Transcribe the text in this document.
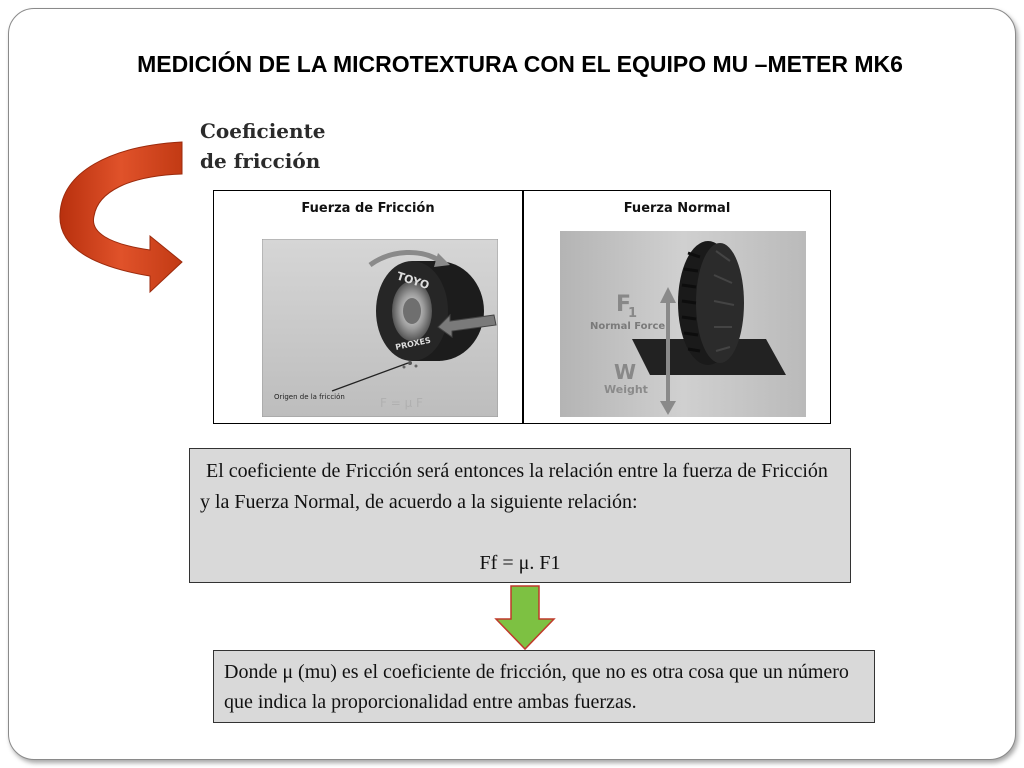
MEDICIÓN DE LA MICROTEXTURA CON EL EQUIPO MU –METER MK6
Coeficiente
de fricción
Fuerza de Fricción	Fuerza Normal
TOYO
PROXES
Origen de la fricción	F = μ F
F
1
Normal Force
W
Weight
El coeficiente de Fricción será entonces la relación entre la fuerza de Fricción y la Fuerza Normal, de acuerdo a la siguiente relación:
Ff = μ. F1
Donde μ (mu) es el coeficiente de fricción, que no es otra cosa que un número que indica la proporcionalidad entre ambas fuerzas.
